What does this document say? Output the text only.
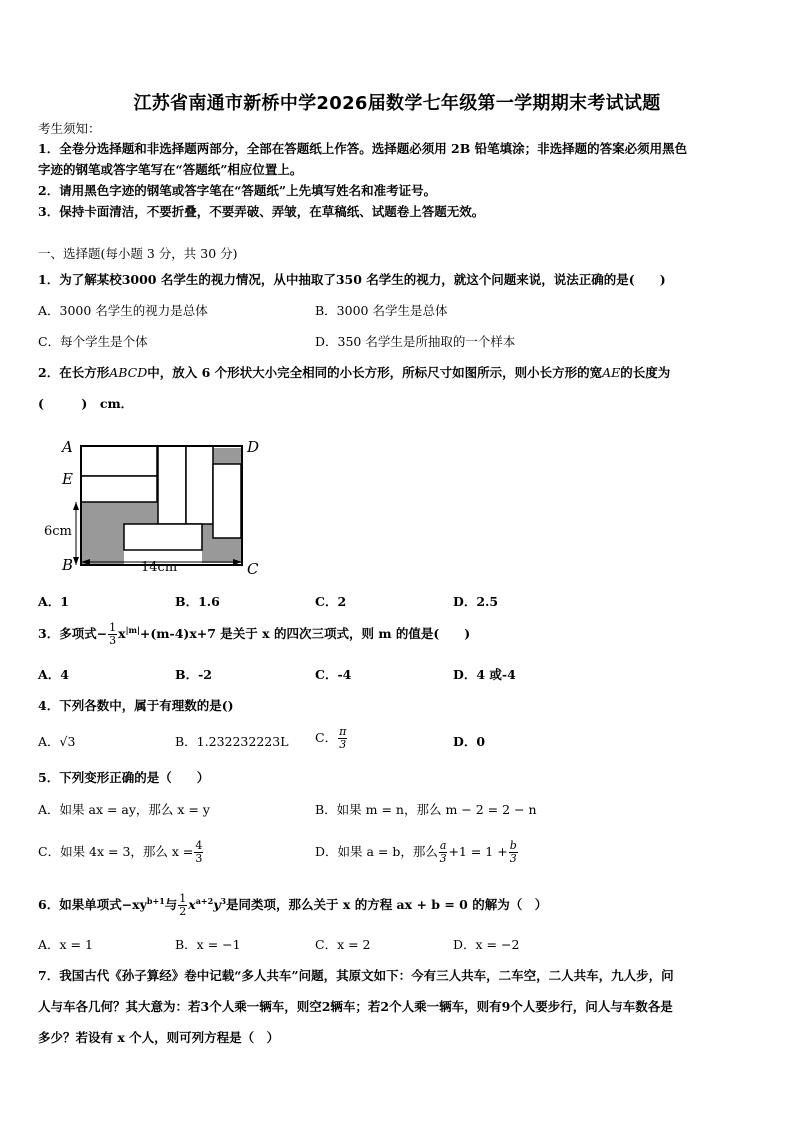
江苏省南通市新桥中学2026届数学七年级第一学期期末考试试题
考生须知：
1．全卷分选择题和非选择题两部分，全部在答题纸上作答。选择题必须用 2B 铅笔填涂；非选择题的答案必须用黑色
字迹的钢笔或答字笔写在“答题纸”相应位置上。
2．请用黑色字迹的钢笔或答字笔在“答题纸”上先填写姓名和准考证号。
3．保持卡面清洁，不要折叠，不要弄破、弄皱，在草稿纸、试题卷上答题无效。
一、选择题(每小题 3 分，共 30 分)
1．为了解某校3000 名学生的视力情况，从中抽取了350 名学生的视力，就这个问题来说，说法正确的是(　　)
A．3000 名学生的视力是总体	B．3000 名学生是总体
C．每个学生是个体	D．350 名学生是所抽取的一个样本
2．在长方形ABCD中，放入 6 个形状大小完全相同的小长方形，所标尺寸如图所示，则小长方形的宽AE的长度为
(　　　)　cm．
A	D
E
B	C
6cm
14cm
A．1	B．1.6	C．2	D．2.5
3．多项式− $\frac{1}{3} x^{|m|}+(m-4)x+7$ 是关于 x 的四次三项式，则 m 的值是(　　)
A．4	B．-2	C．-4	D．4 或-4
4．下列各数中，属于有理数的是()
A．√3	B．1.232232223L C． $\frac{\pi}{3}$	D．0
5．下列变形正确的是（　　）
A．如果 ax = ay，那么 x = y	B．如果 m = n，那么 m − 2 = 2 − n
C．如果 4x = 3，那么 $x = \frac{4}{3}$	D．如果 a = b，那么 $\frac{a}{3} +1 = 1 + \frac{b}{3}$
6．如果单项式$-xy^{b+1}$与 $\frac{1}{2} x^{a+2}y^3$是同类项，那么关于 x 的方程 ax + b = 0 的解为（　）
A．x = 1	B．x = −1	C．x = 2	D．x = −2
7．我国古代《孙子算经》卷中记载“多人共车”问题，其原文如下：今有三人共车，二车空，二人共车，九人步，问
人与车各几何？其大意为：若3个人乘一辆车，则空2辆车；若2个人乘一辆车，则有9个人要步行，问人与车数各是
多少？若设有 x 个人，则可列方程是（　）
